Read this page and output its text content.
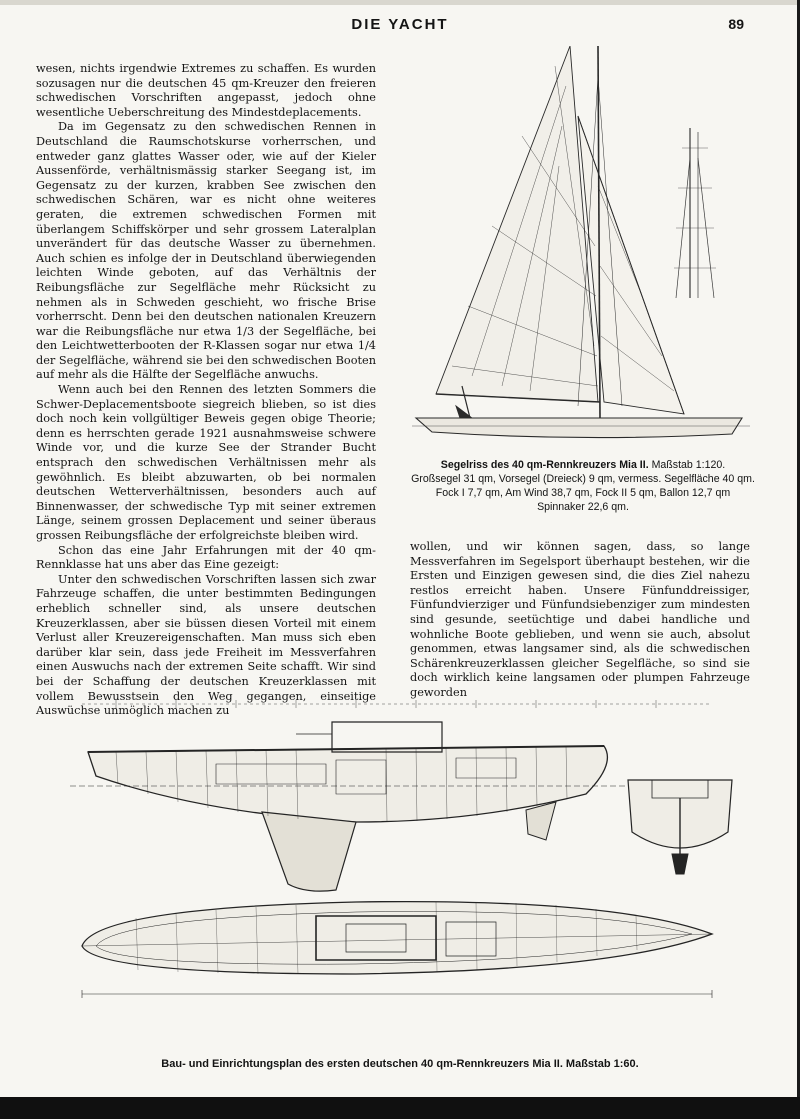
DIE YACHT	89

wesen, nichts irgendwie Extremes zu schaffen. Es wurden sozusagen nur die deutschen 45 qm-Kreuzer den freieren schwedischen Vorschriften angepasst, jedoch ohne wesentliche Ueberschreitung des Mindestdeplacements.

Da im Gegensatz zu den schwedischen Rennen in Deutschland die Raumschotskurse vorherrschen, und entweder ganz glattes Wasser oder, wie auf der Kieler Aussenförde, verhältnismässig starker Seegang ist, im Gegensatz zu der kurzen, krabben See zwischen den schwedischen Schären, war es nicht ohne weiteres geraten, die extremen schwedischen Formen mit überlangem Schiffskörper und sehr grossem Lateralplan unverändert für das deutsche Wasser zu übernehmen. Auch schien es infolge der in Deutschland überwiegenden leichten Winde geboten, auf das Verhältnis der Reibungsfläche zur Segelfläche mehr Rücksicht zu nehmen als in Schweden geschieht, wo frische Brise vorherrscht. Denn bei den deutschen nationalen Kreuzern war die Reibungsfläche nur etwa 1/3 der Segelfläche, bei den Leichtwetterbooten der R-Klassen sogar nur etwa 1/4 der Segelfläche, während sie bei den schwedischen Booten auf mehr als die Hälfte der Segelfläche anwuchs.

Wenn auch bei den Rennen des letzten Sommers die Schwer-Deplacementsboote siegreich blieben, so ist dies doch noch kein vollgültiger Beweis gegen obige Theorie; denn es herrschten gerade 1921 ausnahmsweise schwere Winde vor, und die kurze See der Strander Bucht entsprach den schwedischen Verhältnissen mehr als gewöhnlich. Es bleibt abzuwarten, ob bei normalen deutschen Wetterverhältnissen, besonders auch auf Binnenwasser, der schwedische Typ mit seiner extremen Länge, seinem grossen Deplacement und seiner überaus grossen Reibungsfläche der erfolgreichste bleiben wird.

Schon das eine Jahr Erfahrungen mit der 40 qm-Rennklasse hat uns aber das Eine gezeigt:

Unter den schwedischen Vorschriften lassen sich zwar Fahrzeuge schaffen, die unter bestimmten Bedingungen erheblich schneller sind, als unsere deutschen Kreuzerklassen, aber sie büssen diesen Vorteil mit einem Verlust aller Kreuzereigenschaften. Man muss sich eben darüber klar sein, dass jede Freiheit im Messverfahren einen Auswuchs nach der extremen Seite schafft. Wir sind bei der Schaffung der deutschen Kreuzerklassen mit vollem Bewusstsein den Weg gegangen, einseitige Auswüchse unmöglich machen zu

Segelriss des 40 qm-Rennkreuzers Mia II. Maßstab 1:120.
Großsegel 31 qm, Vorsegel (Dreieck) 9 qm, vermess. Segelfläche 40 qm.
Fock I 7,7 qm, Am Wind 38,7 qm, Fock II 5 qm, Ballon 12,7 qm
Spinnaker 22,6 qm.

wollen, und wir können sagen, dass, so lange Messverfahren im Segelsport überhaupt bestehen, wir die Ersten und Einzigen gewesen sind, die dies Ziel nahezu restlos erreicht haben. Unsere Fünfunddreissiger, Fünfundvierziger und Fünfundsiebenziger zum mindesten sind gesunde, seetüchtige und dabei handliche und wohnliche Boote geblieben, und wenn sie auch, absolut genommen, etwas langsamer sind, als die schwedischen Schärenkreuzerklassen gleicher Segelfläche, so sind sie doch wirklich keine langsamen oder plumpen Fahrzeuge geworden

Bau- und Einrichtungsplan des ersten deutschen 40 qm-Rennkreuzers Mia II. Maßstab 1:60.
